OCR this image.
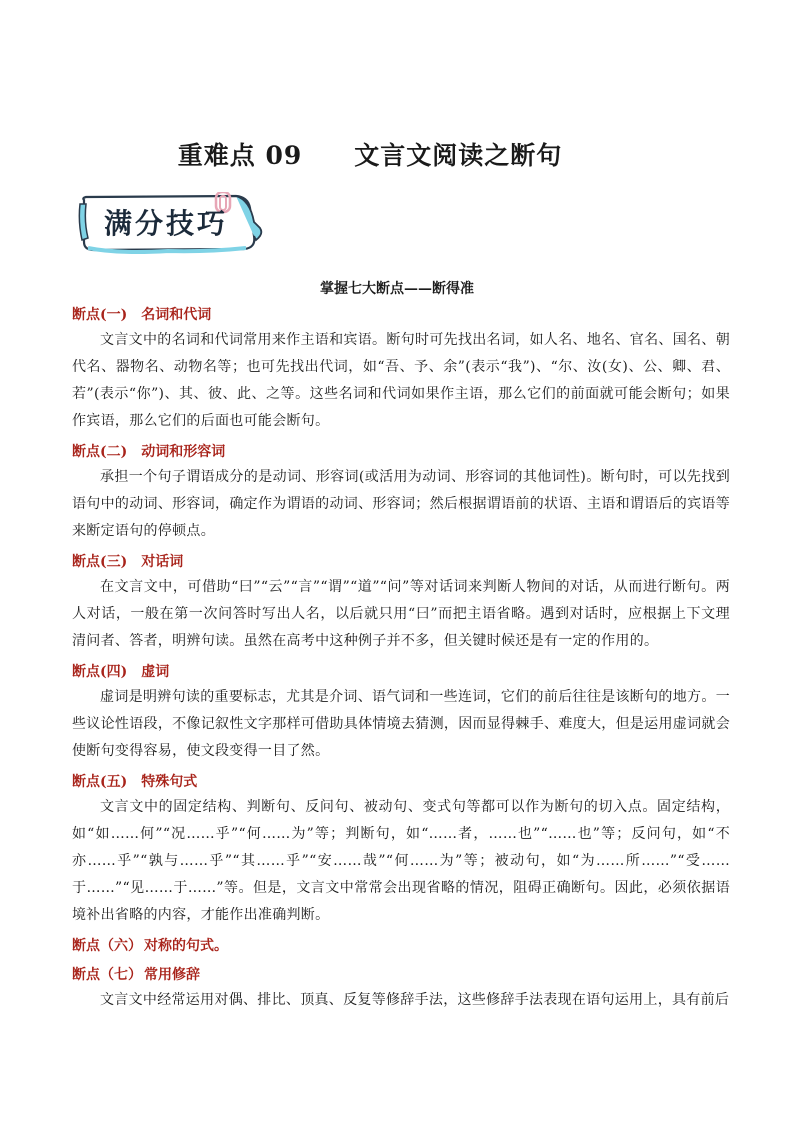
重难点 09 文言文阅读之断句
满分技巧
掌握七大断点——断得准
断点(一) 名词和代词

文言文中的名词和代词常用来作主语和宾语。断句时可先找出名词，如人名、地名、官名、国名、朝代名、器物名、动物名等；也可先找出代词，如“吾、予、余”(表示“我”)、“尔、汝(女)、公、卿、君、若”(表示“你”)、其、彼、此、之等。这些名词和代词如果作主语，那么它们的前面就可能会断句；如果作宾语，那么它们的后面也可能会断句。

断点(二) 动词和形容词

承担一个句子谓语成分的是动词、形容词(或活用为动词、形容词的其他词性)。断句时，可以先找到语句中的动词、形容词，确定作为谓语的动词、形容词；然后根据谓语前的状语、主语和谓语后的宾语等来断定语句的停顿点。

断点(三) 对话词

在文言文中，可借助“曰”“云”“言”“谓”“道”“问”等对话词来判断人物间的对话，从而进行断句。两人对话，一般在第一次问答时写出人名，以后就只用“曰”而把主语省略。遇到对话时，应根据上下文理清问者、答者，明辨句读。虽然在高考中这种例子并不多，但关键时候还是有一定的作用的。

断点(四) 虚词

虚词是明辨句读的重要标志，尤其是介词、语气词和一些连词，它们的前后往往是该断句的地方。一些议论性语段，不像记叙性文字那样可借助具体情境去猜测，因而显得棘手、难度大，但是运用虚词就会使断句变得容易，使文段变得一目了然。

断点(五) 特殊句式

文言文中的固定结构、判断句、反问句、被动句、变式句等都可以作为断句的切入点。固定结构，如“如……何”“况……乎”“何……为”等；判断句，如“……者，……也”“……也”等；反问句，如“不亦……乎”“孰与……乎”“其……乎”“安……哉”“何……为”等；被动句，如“为……所……”“受……于……”“见……于……”等。但是，文言文中常常会出现省略的情况，阻碍正确断句。因此，必须依据语境补出省略的内容，才能作出准确判断。

断点（六） 对称的句式。
断点（七） 常用修辞

文言文中经常运用对偶、排比、顶真、反复等修辞手法，这些修辞手法表现在语句运用上，具有前后
